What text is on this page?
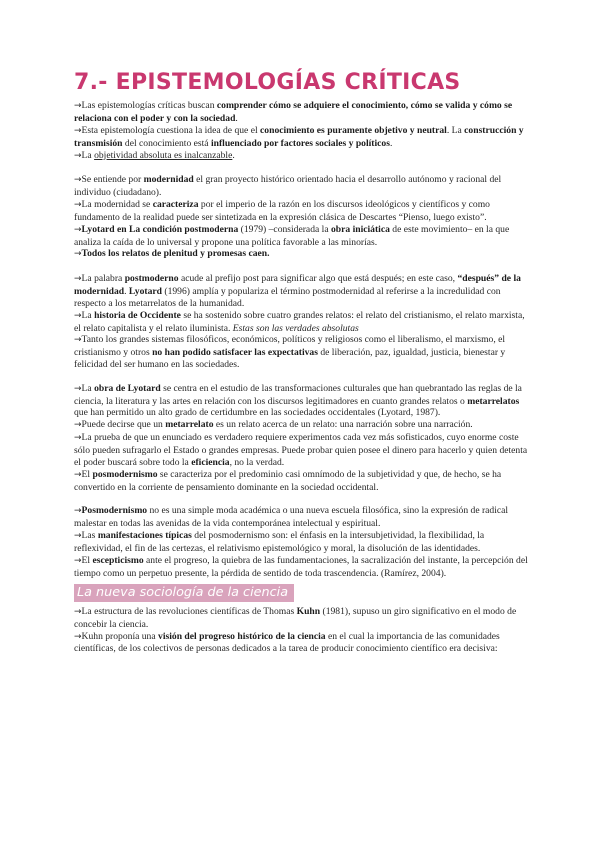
7.- EPISTEMOLOGÍAS CRÍTICAS

→Las epistemologías críticas buscan comprender cómo se adquiere el conocimiento, cómo se valida y cómo se relaciona con el poder y con la sociedad.

→Esta epistemología cuestiona la idea de que el conocimiento es puramente objetivo y neutral. La construcción y transmisión del conocimiento está influenciado por factores sociales y políticos.

→La objetividad absoluta es inalcanzable.

→Se entiende por modernidad el gran proyecto histórico orientado hacia el desarrollo autónomo y racional del individuo (ciudadano).

→La modernidad se caracteriza por el imperio de la razón en los discursos ideológicos y científicos y como fundamento de la realidad puede ser sintetizada en la expresión clásica de Descartes “Pienso, luego existo”.

→Lyotard en La condición postmoderna (1979) –considerada la obra iniciática de este movimiento– en la que analiza la caída de lo universal y propone una política favorable a las minorías.

→Todos los relatos de plenitud y promesas caen.

→La palabra postmoderno acude al prefijo post para significar algo que está después; en este caso, “después” de la modernidad. Lyotard (1996) amplía y populariza el término postmodernidad al referirse a la incredulidad con respecto a los metarrelatos de la humanidad.

→La historia de Occidente se ha sostenido sobre cuatro grandes relatos: el relato del cristianismo, el relato marxista, el relato capitalista y el relato iluminista. Estas son las verdades absolutas

→Tanto los grandes sistemas filosóficos, económicos, políticos y religiosos como el liberalismo, el marxismo, el cristianismo y otros no han podido satisfacer las expectativas de liberación, paz, igualdad, justicia, bienestar y felicidad del ser humano en las sociedades.

→La obra de Lyotard se centra en el estudio de las transformaciones culturales que han quebrantado las reglas de la ciencia, la literatura y las artes en relación con los discursos legitimadores en cuanto grandes relatos o metarrelatos que han permitido un alto grado de certidumbre en las sociedades occidentales (Lyotard, 1987).

→Puede decirse que un metarrelato es un relato acerca de un relato: una narración sobre una narración.

→La prueba de que un enunciado es verdadero requiere experimentos cada vez más sofisticados, cuyo enorme coste sólo pueden sufragarlo el Estado o grandes empresas. Puede probar quien posee el dinero para hacerlo y quien detenta el poder buscará sobre todo la eficiencia, no la verdad.

→El posmodernismo se caracteriza por el predominio casi omnímodo de la subjetividad y que, de hecho, se ha convertido en la corriente de pensamiento dominante en la sociedad occidental.

→Posmodernismo no es una simple moda académica o una nueva escuela filosófica, sino la expresión de radical malestar en todas las avenidas de la vida contemporánea intelectual y espiritual.

→Las manifestaciones típicas del posmodernismo son: el énfasis en la intersubjetividad, la flexibilidad, la reflexividad, el fin de las certezas, el relativismo epistemológico y moral, la disolución de las identidades.

→El escepticismo ante el progreso, la quiebra de las fundamentaciones, la sacralización del instante, la percepción del tiempo como un perpetuo presente, la pérdida de sentido de toda trascendencia. (Ramírez, 2004).

La nueva sociología de la ciencia

→La estructura de las revoluciones científicas de Thomas Kuhn (1981), supuso un giro significativo en el modo de concebir la ciencia.

→Kuhn proponía una visión del progreso histórico de la ciencia en el cual la importancia de las comunidades científicas, de los colectivos de personas dedicados a la tarea de producir conocimiento científico era decisiva:
